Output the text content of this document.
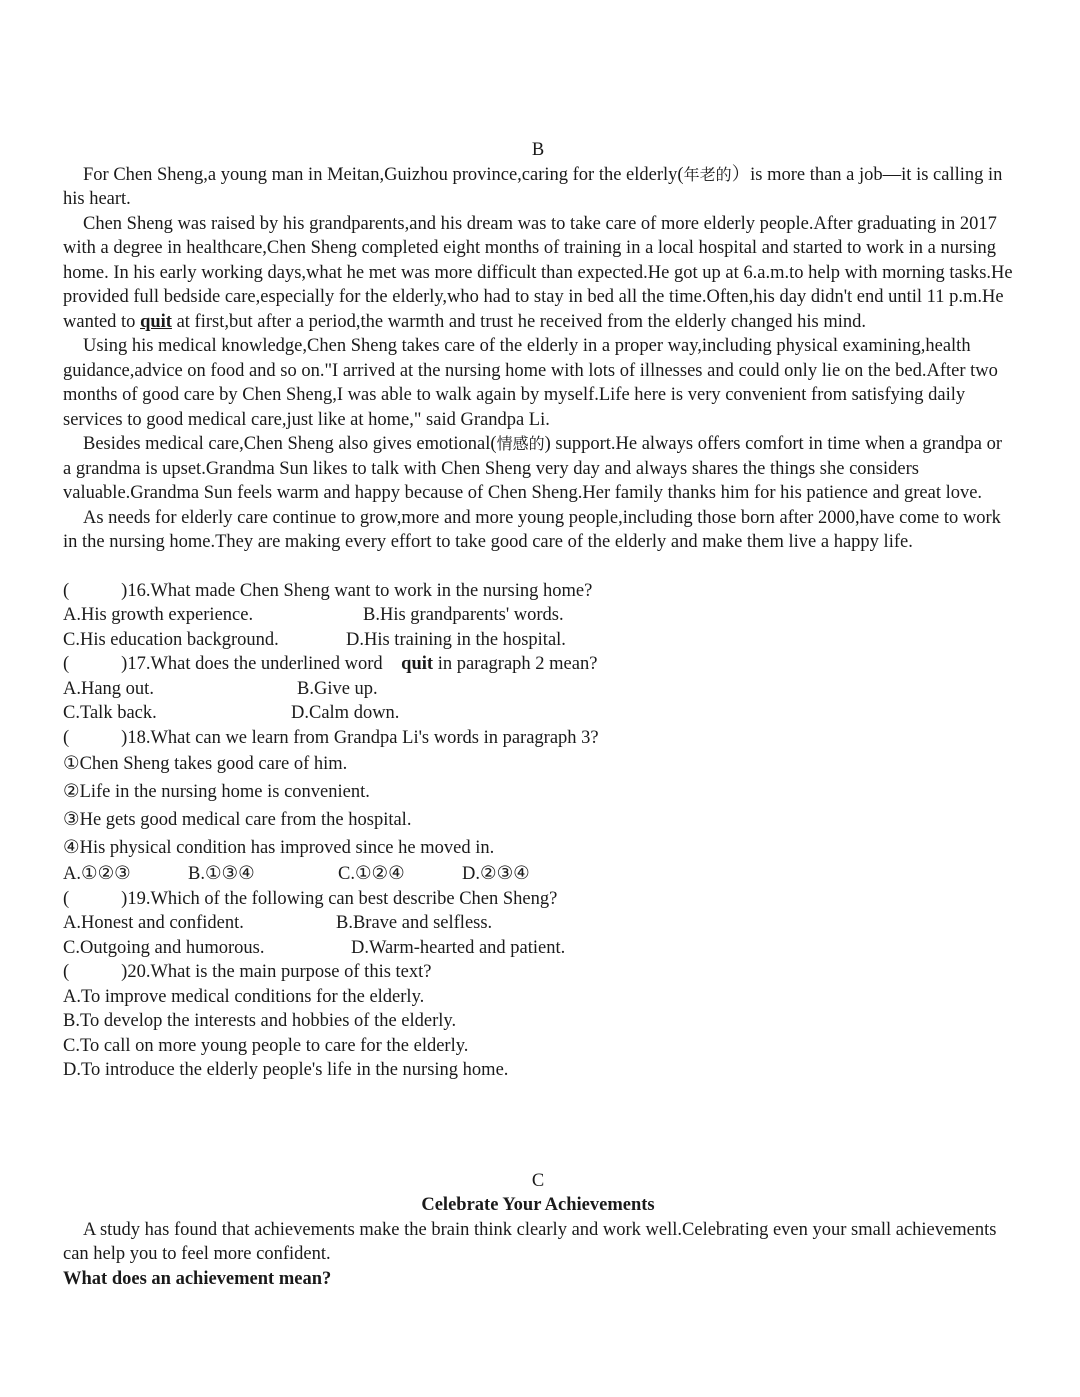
B

For Chen Sheng,a young man in Meitan,Guizhou province,caring for the elderly(年老的）is more than a job—it is calling in his heart.

Chen Sheng was raised by his grandparents,and his dream was to take care of more elderly people.After graduating in 2017 with a degree in healthcare,Chen Sheng completed eight months of training in a local hospital and started to work in a nursing home. In his early working days,what he met was more difficult than expected.He got up at 6.a.m.to help with morning tasks.He provided full bedside care,especially for the elderly,who had to stay in bed all the time.Often,his day didn't end until 11 p.m.He wanted to quit at first,but after a period,the warmth and trust he received from the elderly changed his mind.

Using his medical knowledge,Chen Sheng takes care of the elderly in a proper way,including physical examining,health guidance,advice on food and so on."I arrived at the nursing home with lots of illnesses and could only lie on the bed.After two months of good care by Chen Sheng,I was able to walk again by myself.Life here is very convenient from satisfying daily services to good medical care,just like at home," said Grandpa Li.

Besides medical care,Chen Sheng also gives emotional(情感的) support.He always offers comfort in time when a grandpa or a grandma is upset.Grandma Sun likes to talk with Chen Sheng very day and always shares the things she considers valuable.Grandma Sun feels warm and happy because of Chen Sheng.Her family thanks him for his patience and great love.

As needs for elderly care continue to grow,more and more young people,including those born after 2000,have come to work in the nursing home.They are making every effort to take good care of the elderly and make them live a happy life.

(	)16.What made Chen Sheng want to work in the nursing home?

A.His growth experience.	B.His grandparents' words.
C.His education background.	D.His training in the hospital.

(	)17.What does the underlined word quit in paragraph 2 mean?

A.Hang out.	B.Give up.
C.Talk back.	D.Calm down.

(	)18.What can we learn from Grandpa Li's words in paragraph 3?

①Chen Sheng takes good care of him.

②Life in the nursing home is convenient.

③He gets good medical care from the hospital.

④His physical condition has improved since he moved in.

A.①②③	B.①③④	C.①②④	D.②③④

(	)19.Which of the following can best describe Chen Sheng?

A.Honest and confident.	B.Brave and selfless.
C.Outgoing and humorous.	D.Warm-hearted and patient.

(	)20.What is the main purpose of this text?

A.To improve medical conditions for the elderly.

B.To develop the interests and hobbies of the elderly.

C.To call on more young people to care for the elderly.

D.To introduce the elderly people's life in the nursing home.

C
Celebrate Your Achievements

A study has found that achievements make the brain think clearly and work well.Celebrating even your small achievements can help you to feel more confident.

What does an achievement mean?
